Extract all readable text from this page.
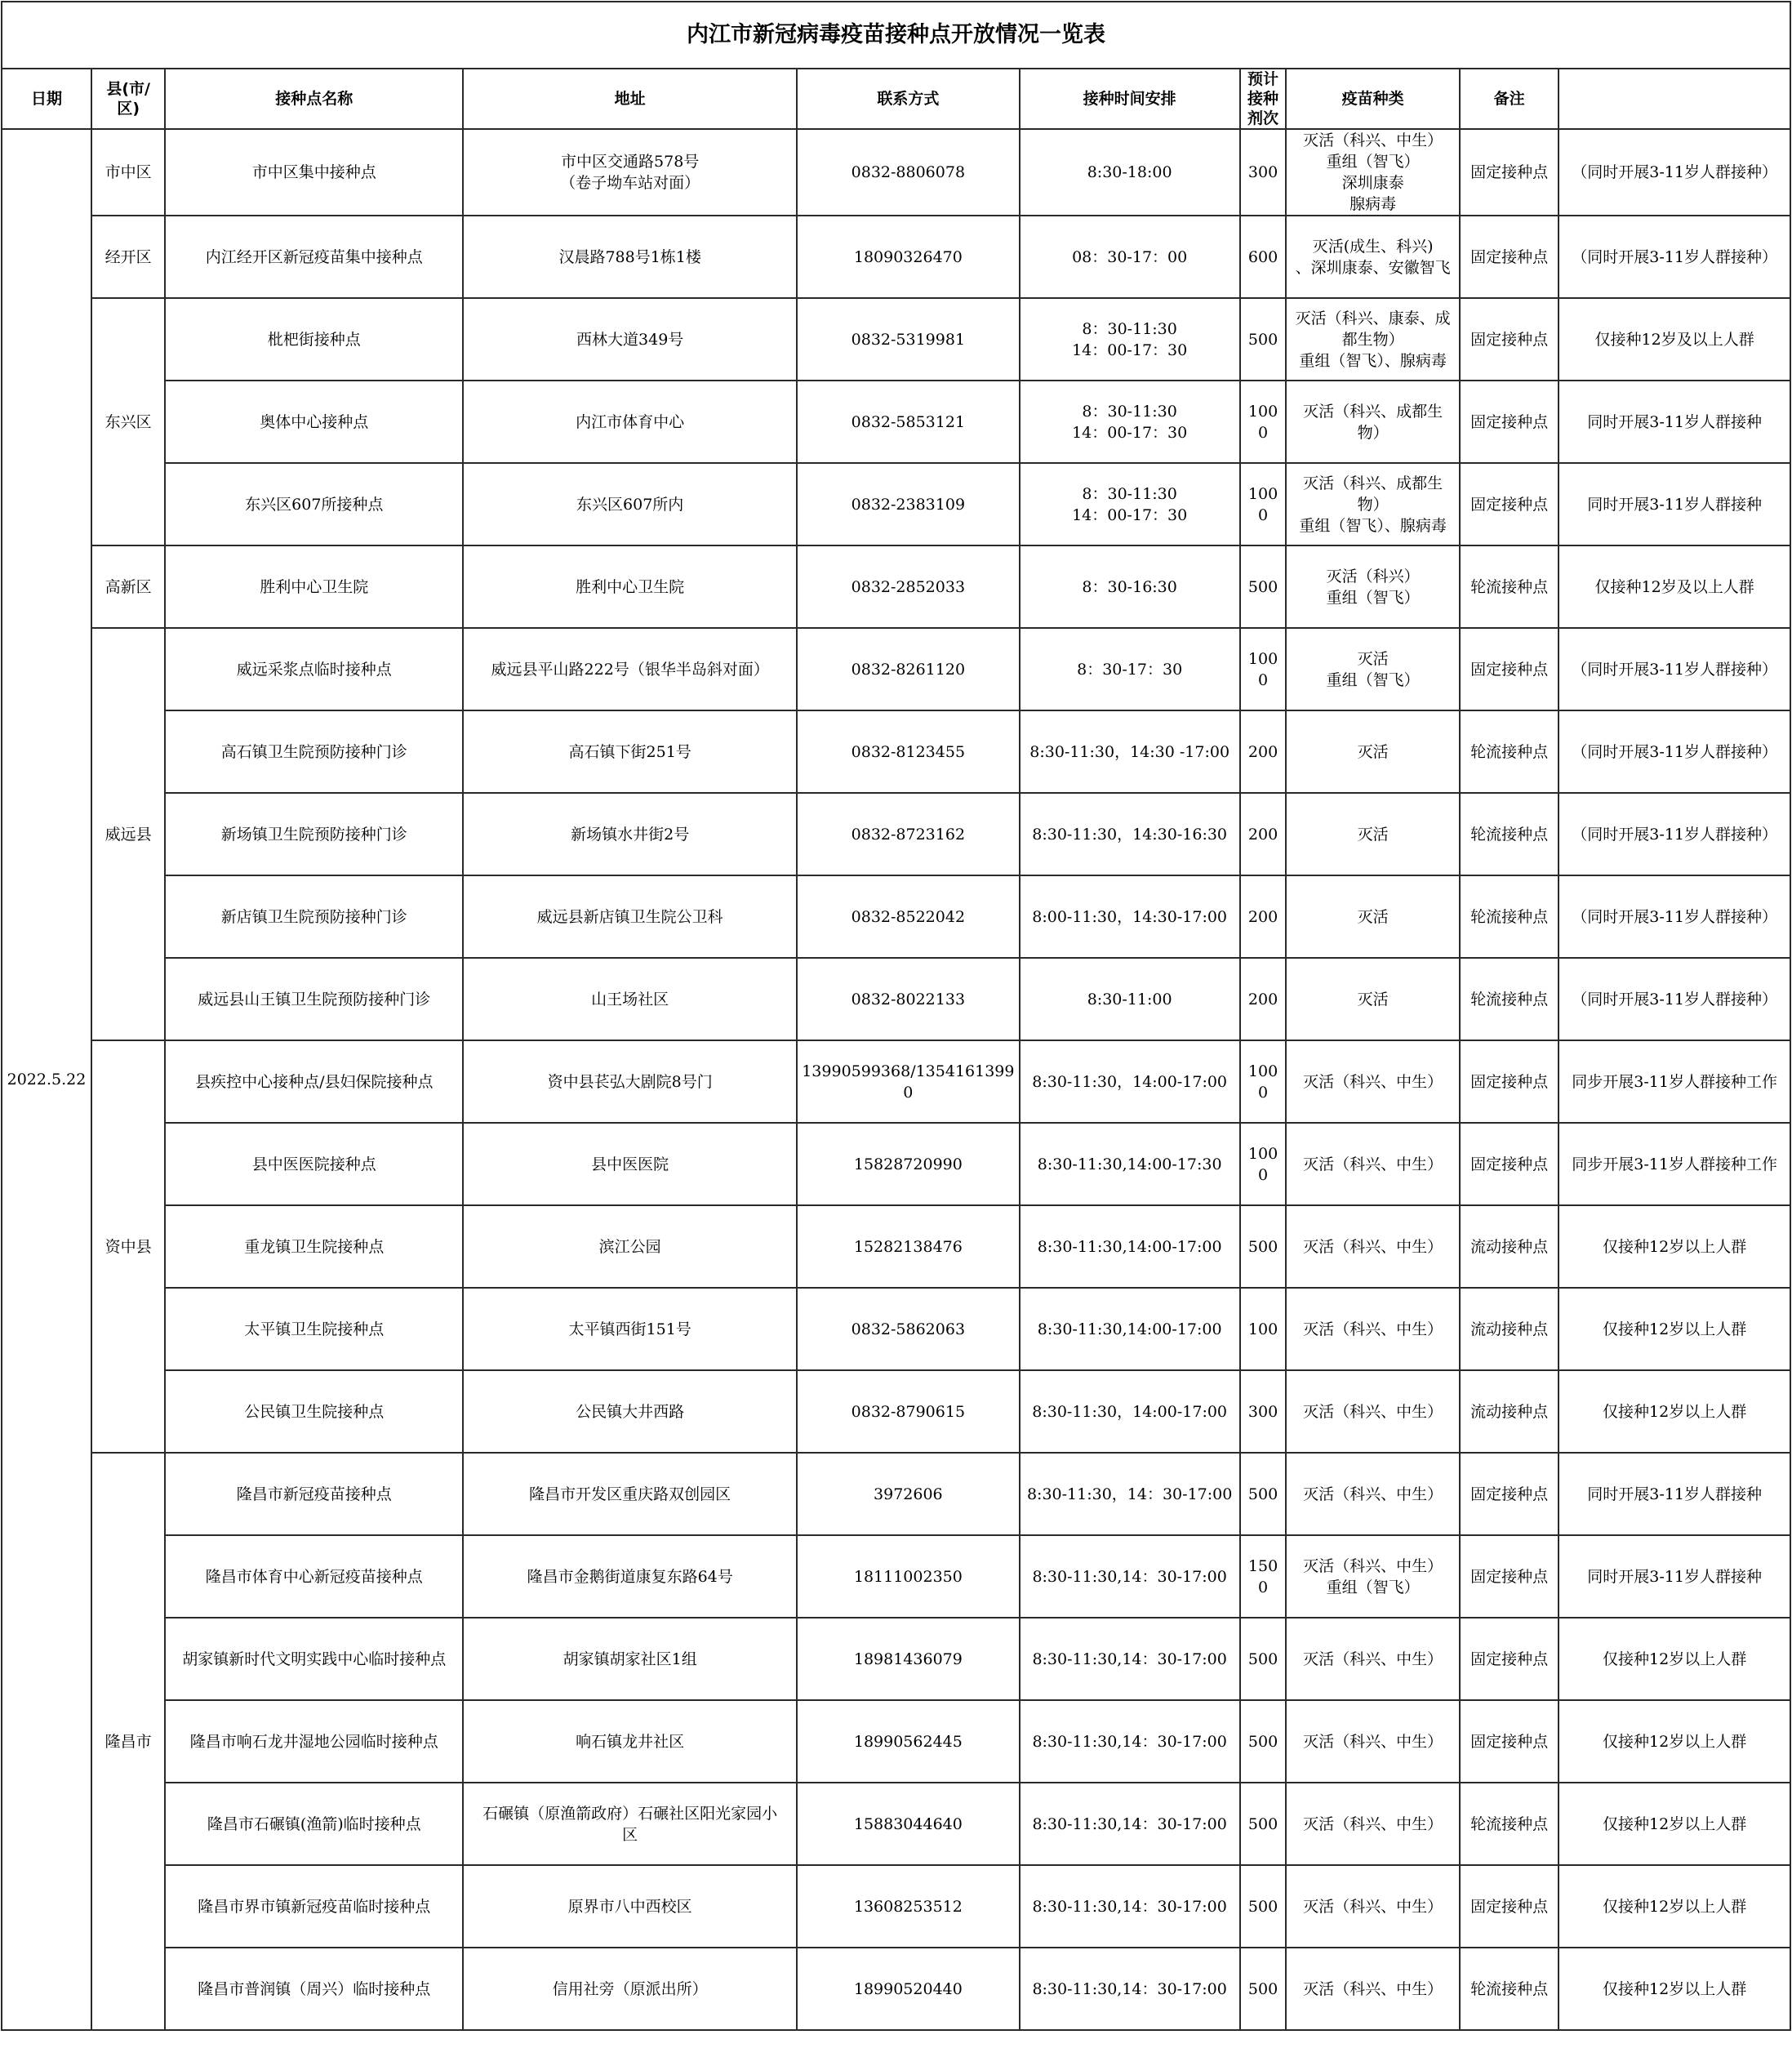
内江市新冠病毒疫苗接种点开放情况一览表									
日期	县(市/区)	接种点名称	地址	联系方式	接种时间安排	预计接种剂次	疫苗种类	备注	
2022.5.22	市中区	市中区集中接种点	市中区交通路578号
（卷子坳车站对面）	0832-8806078	8:30-18:00	300	灭活（科兴、中生）
重组（智飞）
深圳康泰
腺病毒	固定接种点	（同时开展3-11岁人群接种）
	经开区	内江经开区新冠疫苗集中接种点	汉晨路788号1栋1楼	18090326470	08：30-17：00	600	灭活(成生、科兴)
、深圳康泰、安徽智飞	固定接种点	（同时开展3-11岁人群接种）
	东兴区	枇杷街接种点	西林大道349号	0832-5319981	8：30-11:30
14：00-17：30	500	灭活（科兴、康泰、成
都生物）
重组（智飞）、腺病毒	固定接种点	仅接种12岁及以上人群
		奥体中心接种点	内江市体育中心	0832-5853121	8：30-11:30
14：00-17：30	1000	灭活（科兴、成都生
物）	固定接种点	同时开展3-11岁人群接种
		东兴区607所接种点	东兴区607所内	0832-2383109	8：30-11:30
14：00-17：30	1000	灭活（科兴、成都生
物）
重组（智飞）、腺病毒	固定接种点	同时开展3-11岁人群接种
	高新区	胜利中心卫生院	胜利中心卫生院	0832-2852033	8：30-16:30	500	灭活（科兴）
重组（智飞）	轮流接种点	仅接种12岁及以上人群
	威远县	威远采浆点临时接种点	威远县平山路222号（银华半岛斜对面）	0832-8261120	8：30-17：30	1000	灭活
重组（智飞）	固定接种点	（同时开展3-11岁人群接种）
		高石镇卫生院预防接种门诊	高石镇下街251号	0832-8123455	8:30-11:30，14:30 -17:00	200	灭活	轮流接种点	（同时开展3-11岁人群接种）
		新场镇卫生院预防接种门诊	新场镇水井街2号	0832-8723162	8:30-11:30，14:30-16:30	200	灭活	轮流接种点	（同时开展3-11岁人群接种）
		新店镇卫生院预防接种门诊	威远县新店镇卫生院公卫科	0832-8522042	8:00-11:30，14:30-17:00	200	灭活	轮流接种点	（同时开展3-11岁人群接种）
		威远县山王镇卫生院预防接种门诊	山王场社区	0832-8022133	8:30-11:00	200	灭活	轮流接种点	（同时开展3-11岁人群接种）
	资中县	县疾控中心接种点/县妇保院接种点	资中县苌弘大剧院8号门	13990599368/13541613990	8:30-11:30，14:00-17:00	1000	灭活（科兴、中生）	固定接种点	同步开展3-11岁人群接种工作
		县中医医院接种点	县中医医院	15828720990	8:30-11:30,14:00-17:30	1000	灭活（科兴、中生）	固定接种点	同步开展3-11岁人群接种工作
		重龙镇卫生院接种点	滨江公园	15282138476	8:30-11:30,14:00-17:00	500	灭活（科兴、中生）	流动接种点	仅接种12岁以上人群
		太平镇卫生院接种点	太平镇西街151号	0832-5862063	8:30-11:30,14:00-17:00	100	灭活（科兴、中生）	流动接种点	仅接种12岁以上人群
		公民镇卫生院接种点	公民镇大井西路	0832-8790615	8:30-11:30，14:00-17:00	300	灭活（科兴、中生）	流动接种点	仅接种12岁以上人群
	隆昌市	隆昌市新冠疫苗接种点	隆昌市开发区重庆路双创园区	3972606	8:30-11:30，14：30-17:00	500	灭活（科兴、中生）	固定接种点	同时开展3-11岁人群接种
		隆昌市体育中心新冠疫苗接种点	隆昌市金鹅街道康复东路64号	18111002350	8:30-11:30,14：30-17:00	1500	灭活（科兴、中生）
重组（智飞）	固定接种点	同时开展3-11岁人群接种
		胡家镇新时代文明实践中心临时接种点	胡家镇胡家社区1组	18981436079	8:30-11:30,14：30-17:00	500	灭活（科兴、中生）	固定接种点	仅接种12岁以上人群
		隆昌市响石龙井湿地公园临时接种点	响石镇龙井社区	18990562445	8:30-11:30,14：30-17:00	500	灭活（科兴、中生）	固定接种点	仅接种12岁以上人群
		隆昌市石碾镇(渔箭)临时接种点	石碾镇（原渔箭政府）石碾社区阳光家园小
区	15883044640	8:30-11:30,14：30-17:00	500	灭活（科兴、中生）	轮流接种点	仅接种12岁以上人群
		隆昌市界市镇新冠疫苗临时接种点	原界市八中西校区	13608253512	8:30-11:30,14：30-17:00	500	灭活（科兴、中生）	固定接种点	仅接种12岁以上人群
		隆昌市普润镇（周兴）临时接种点	信用社旁（原派出所）	18990520440	8:30-11:30,14：30-17:00	500	灭活（科兴、中生）	轮流接种点	仅接种12岁以上人群
